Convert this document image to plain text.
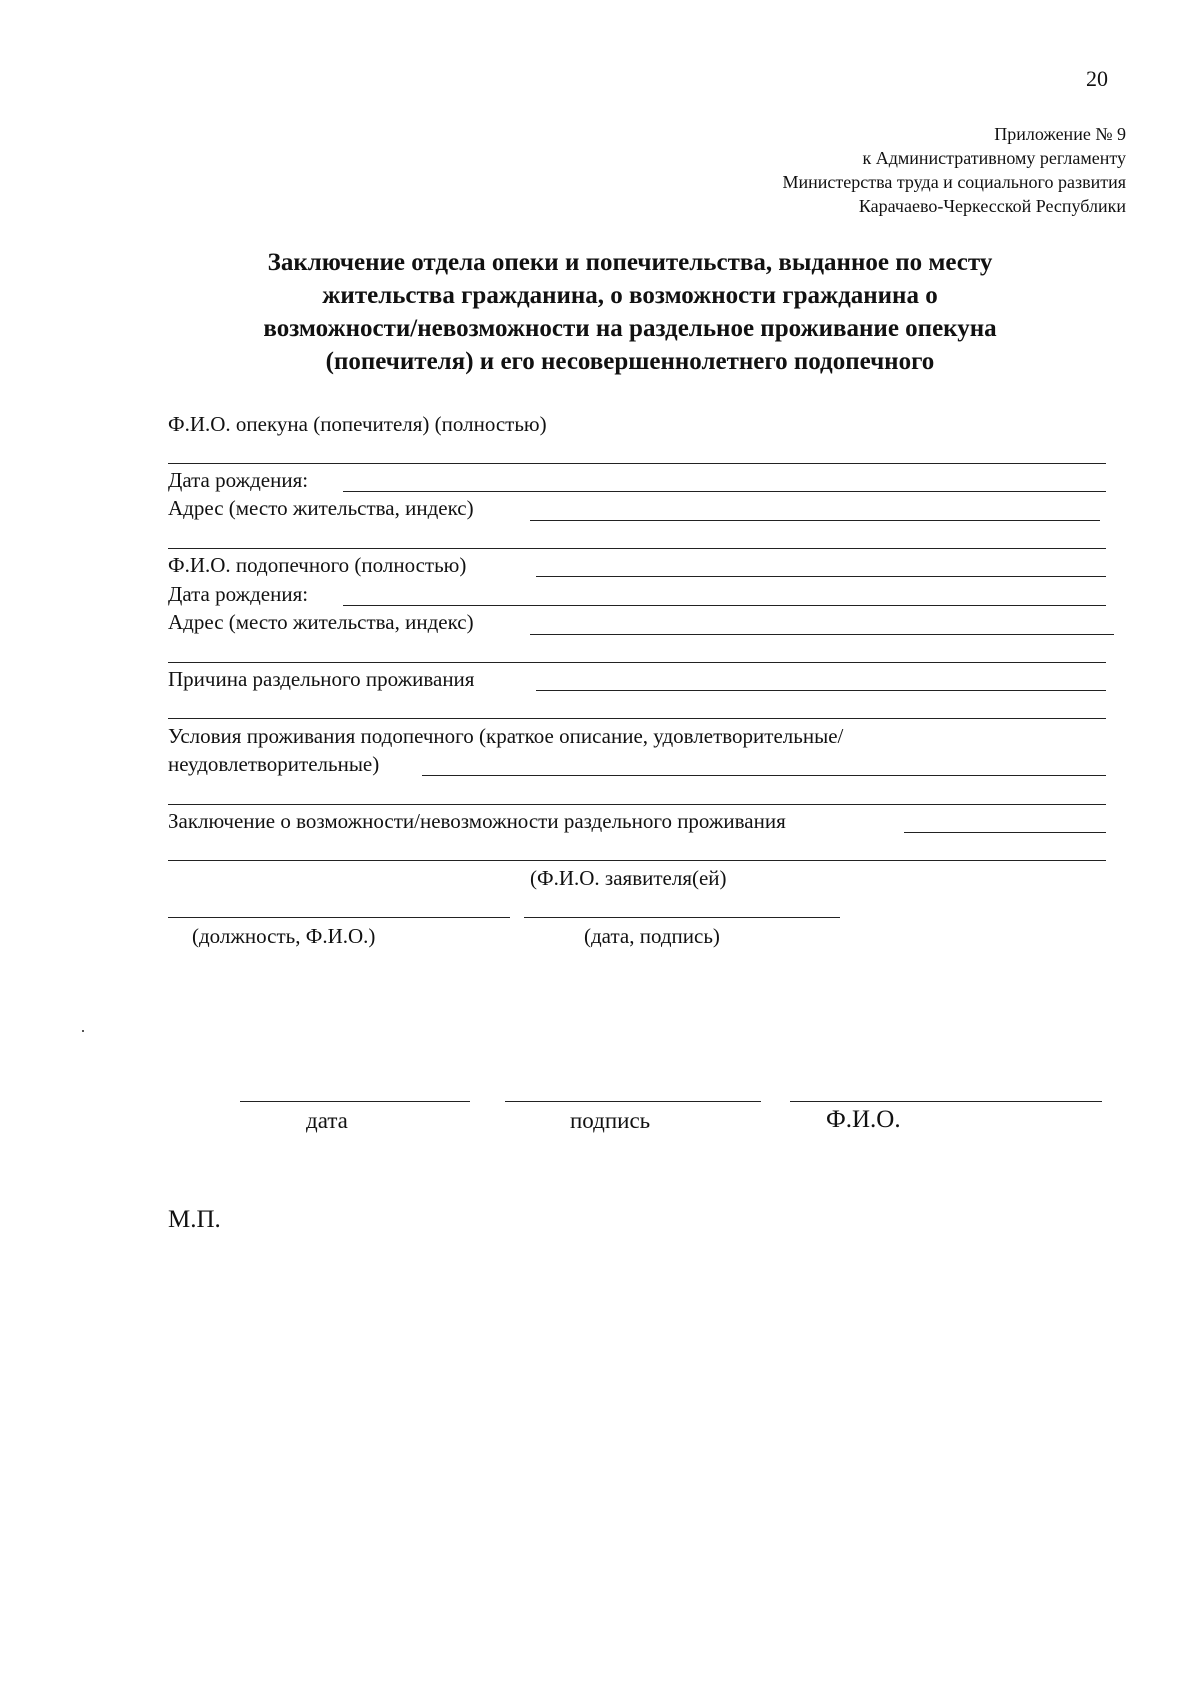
20
Приложение № 9
к Административному регламенту
Министерства труда и социального развития
Карачаево-Черкесской Республики
Заключение отдела опеки и попечительства, выданное по месту
жительства гражданина, о возможности гражданина о
возможности/невозможности на раздельное проживание опекуна
(попечителя) и его несовершеннолетнего подопечного
Ф.И.О. опекуна (попечителя) (полностью)
Дата рождения:
Адрес (место жительства, индекс)
Ф.И.О. подопечного (полностью)
Дата рождения:
Адрес (место жительства, индекс)
Причина раздельного проживания
Условия проживания подопечного (краткое описание, удовлетворительные/
неудовлетворительные)
Заключение о возможности/невозможности раздельного проживания
(Ф.И.О. заявителя(ей)
(должность, Ф.И.О.)	(дата, подпись)
дата	подпись	Ф.И.О.
М.П.
